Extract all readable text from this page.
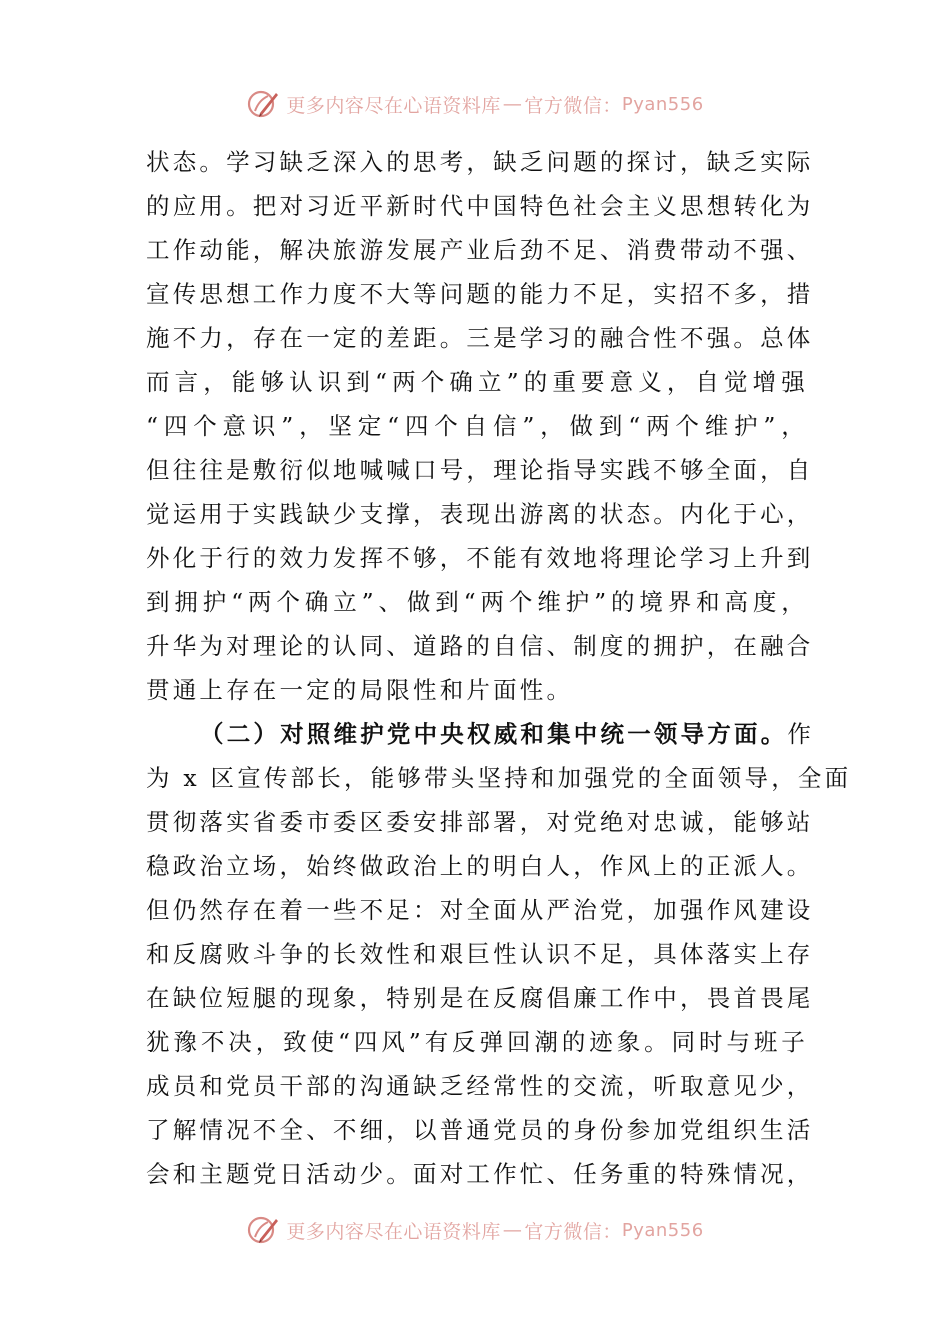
更多内容尽在心语资料库 — 官方微信： Pyan556
状态。学习缺乏深入的思考，缺乏问题的探讨，缺乏实际
的应用。把对习近平新时代中国特色社会主义思想转化为
工作动能，解决旅游发展产业后劲不足、消费带动不强、
宣传思想工作力度不大等问题的能力不足，实招不多，措
施不力，存在一定的差距。三是学习的融合性不强。总体
而言，能够认识到“两个确立”的重要意义，自觉增强
“四个意识”，坚定“四个自信”，做到“两个维护”，
但往往是敷衍似地喊喊口号，理论指导实践不够全面，自
觉运用于实践缺少支撑，表现出游离的状态。内化于心，
外化于行的效力发挥不够，不能有效地将理论学习上升到
到拥护“两个确立”、做到“两个维护”的境界和高度，
升华为对理论的认同、道路的自信、制度的拥护，在融合
贯通上存在一定的局限性和片面性。
（二）对照维护党中央权威和集中统一领导方面。作
为 x 区宣传部长，能够带头坚持和加强党的全面领导，全面
贯彻落实省委市委区委安排部署，对党绝对忠诚，能够站
稳政治立场，始终做政治上的明白人，作风上的正派人。
但仍然存在着一些不足：对全面从严治党，加强作风建设
和反腐败斗争的长效性和艰巨性认识不足，具体落实上存
在缺位短腿的现象，特别是在反腐倡廉工作中，畏首畏尾
犹豫不决，致使“四风”有反弹回潮的迹象。同时与班子
成员和党员干部的沟通缺乏经常性的交流，听取意见少，
了解情况不全、不细，以普通党员的身份参加党组织生活
会和主题党日活动少。面对工作忙、任务重的特殊情况，
更多内容尽在心语资料库 — 官方微信： Pyan556
